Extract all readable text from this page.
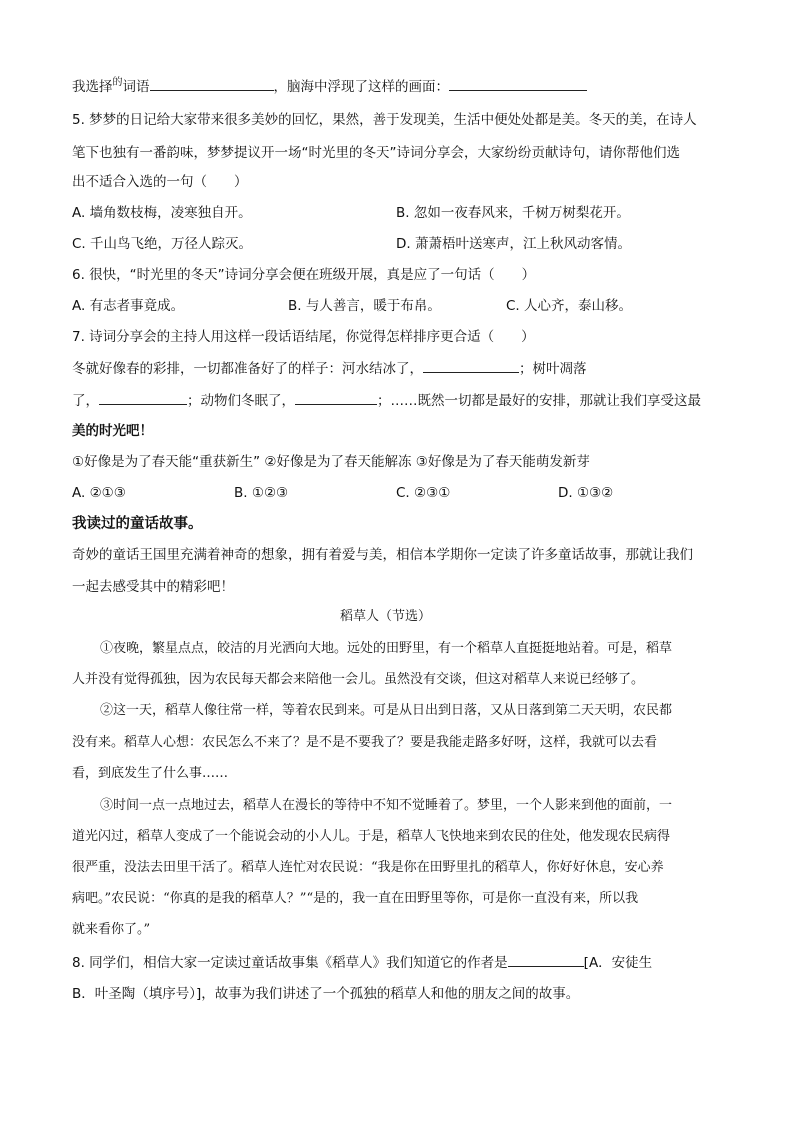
我选择$^的$词语	，脑海中浮现了这样的画面：
5. 梦梦的日记给大家带来很多美妙的回忆，果然，善于发现美，生活中便处处都是美。冬天的美，在诗人
笔下也独有一番韵味，梦梦提议开一场“时光里的冬天”诗词分享会，大家纷纷贡献诗句，请你帮他们选
出不适合入选的一句（　　）
A. 墙角数枝梅，凌寒独自开。	B. 忽如一夜春风来，千树万树梨花开。
C. 千山鸟飞绝，万径人踪灭。	D. 萧萧梧叶送寒声，江上秋风动客情。
6. 很快，“时光里的冬天”诗词分享会便在班级开展，真是应了一句话（　　）
A. 有志者事竟成。	B. 与人善言，暖于布帛。	C. 人心齐，泰山移。
7. 诗词分享会的主持人用这样一段话语结尾，你觉得怎样排序更合适（　　）
冬就好像春的彩排，一切都准备好了的样子：河水结冰了，	；树叶凋落
了，	；动物们冬眠了，	；……既然一切都是最好的安排，那就让我们享受这最
美的时光吧！
①好像是为了春天能“重获新生” ②好像是为了春天能解冻 ③好像是为了春天能萌发新芽
A. ②①③	B. ①②③	C. ②③①	D. ①③②
我读过的童话故事。
奇妙的童话王国里充满着神奇的想象，拥有着爱与美，相信本学期你一定读了许多童话故事，那就让我们
一起去感受其中的精彩吧！
稻草人（节选）
①夜晚，繁星点点，皎洁的月光洒向大地。远处的田野里，有一个稻草人直挺挺地站着。可是，稻草
人并没有觉得孤独，因为农民每天都会来陪他一会儿。虽然没有交谈，但这对稻草人来说已经够了。
②这一天，稻草人像往常一样，等着农民到来。可是从日出到日落，又从日落到第二天天明，农民都
没有来。稻草人心想：农民怎么不来了？是不是不要我了？要是我能走路多好呀，这样，我就可以去看
看，到底发生了什么事……
③时间一点一点地过去，稻草人在漫长的等待中不知不觉睡着了。梦里，一个人影来到他的面前，一
道光闪过，稻草人变成了一个能说会动的小人儿。于是，稻草人飞快地来到农民的住处，他发现农民病得
很严重，没法去田里干活了。稻草人连忙对农民说：“我是你在田野里扎的稻草人，你好好休息，安心养
病吧。”农民说：“你真的是我的稻草人？”“是的，我一直在田野里等你，可是你一直没有来，所以我
就来看你了。”
8. 同学们，相信大家一定读过童话故事集《稻草人》我们知道它的作者是	[A．安徒生
B．叶圣陶（填序号）]，故事为我们讲述了一个孤独的稻草人和他的朋友之间的故事。
